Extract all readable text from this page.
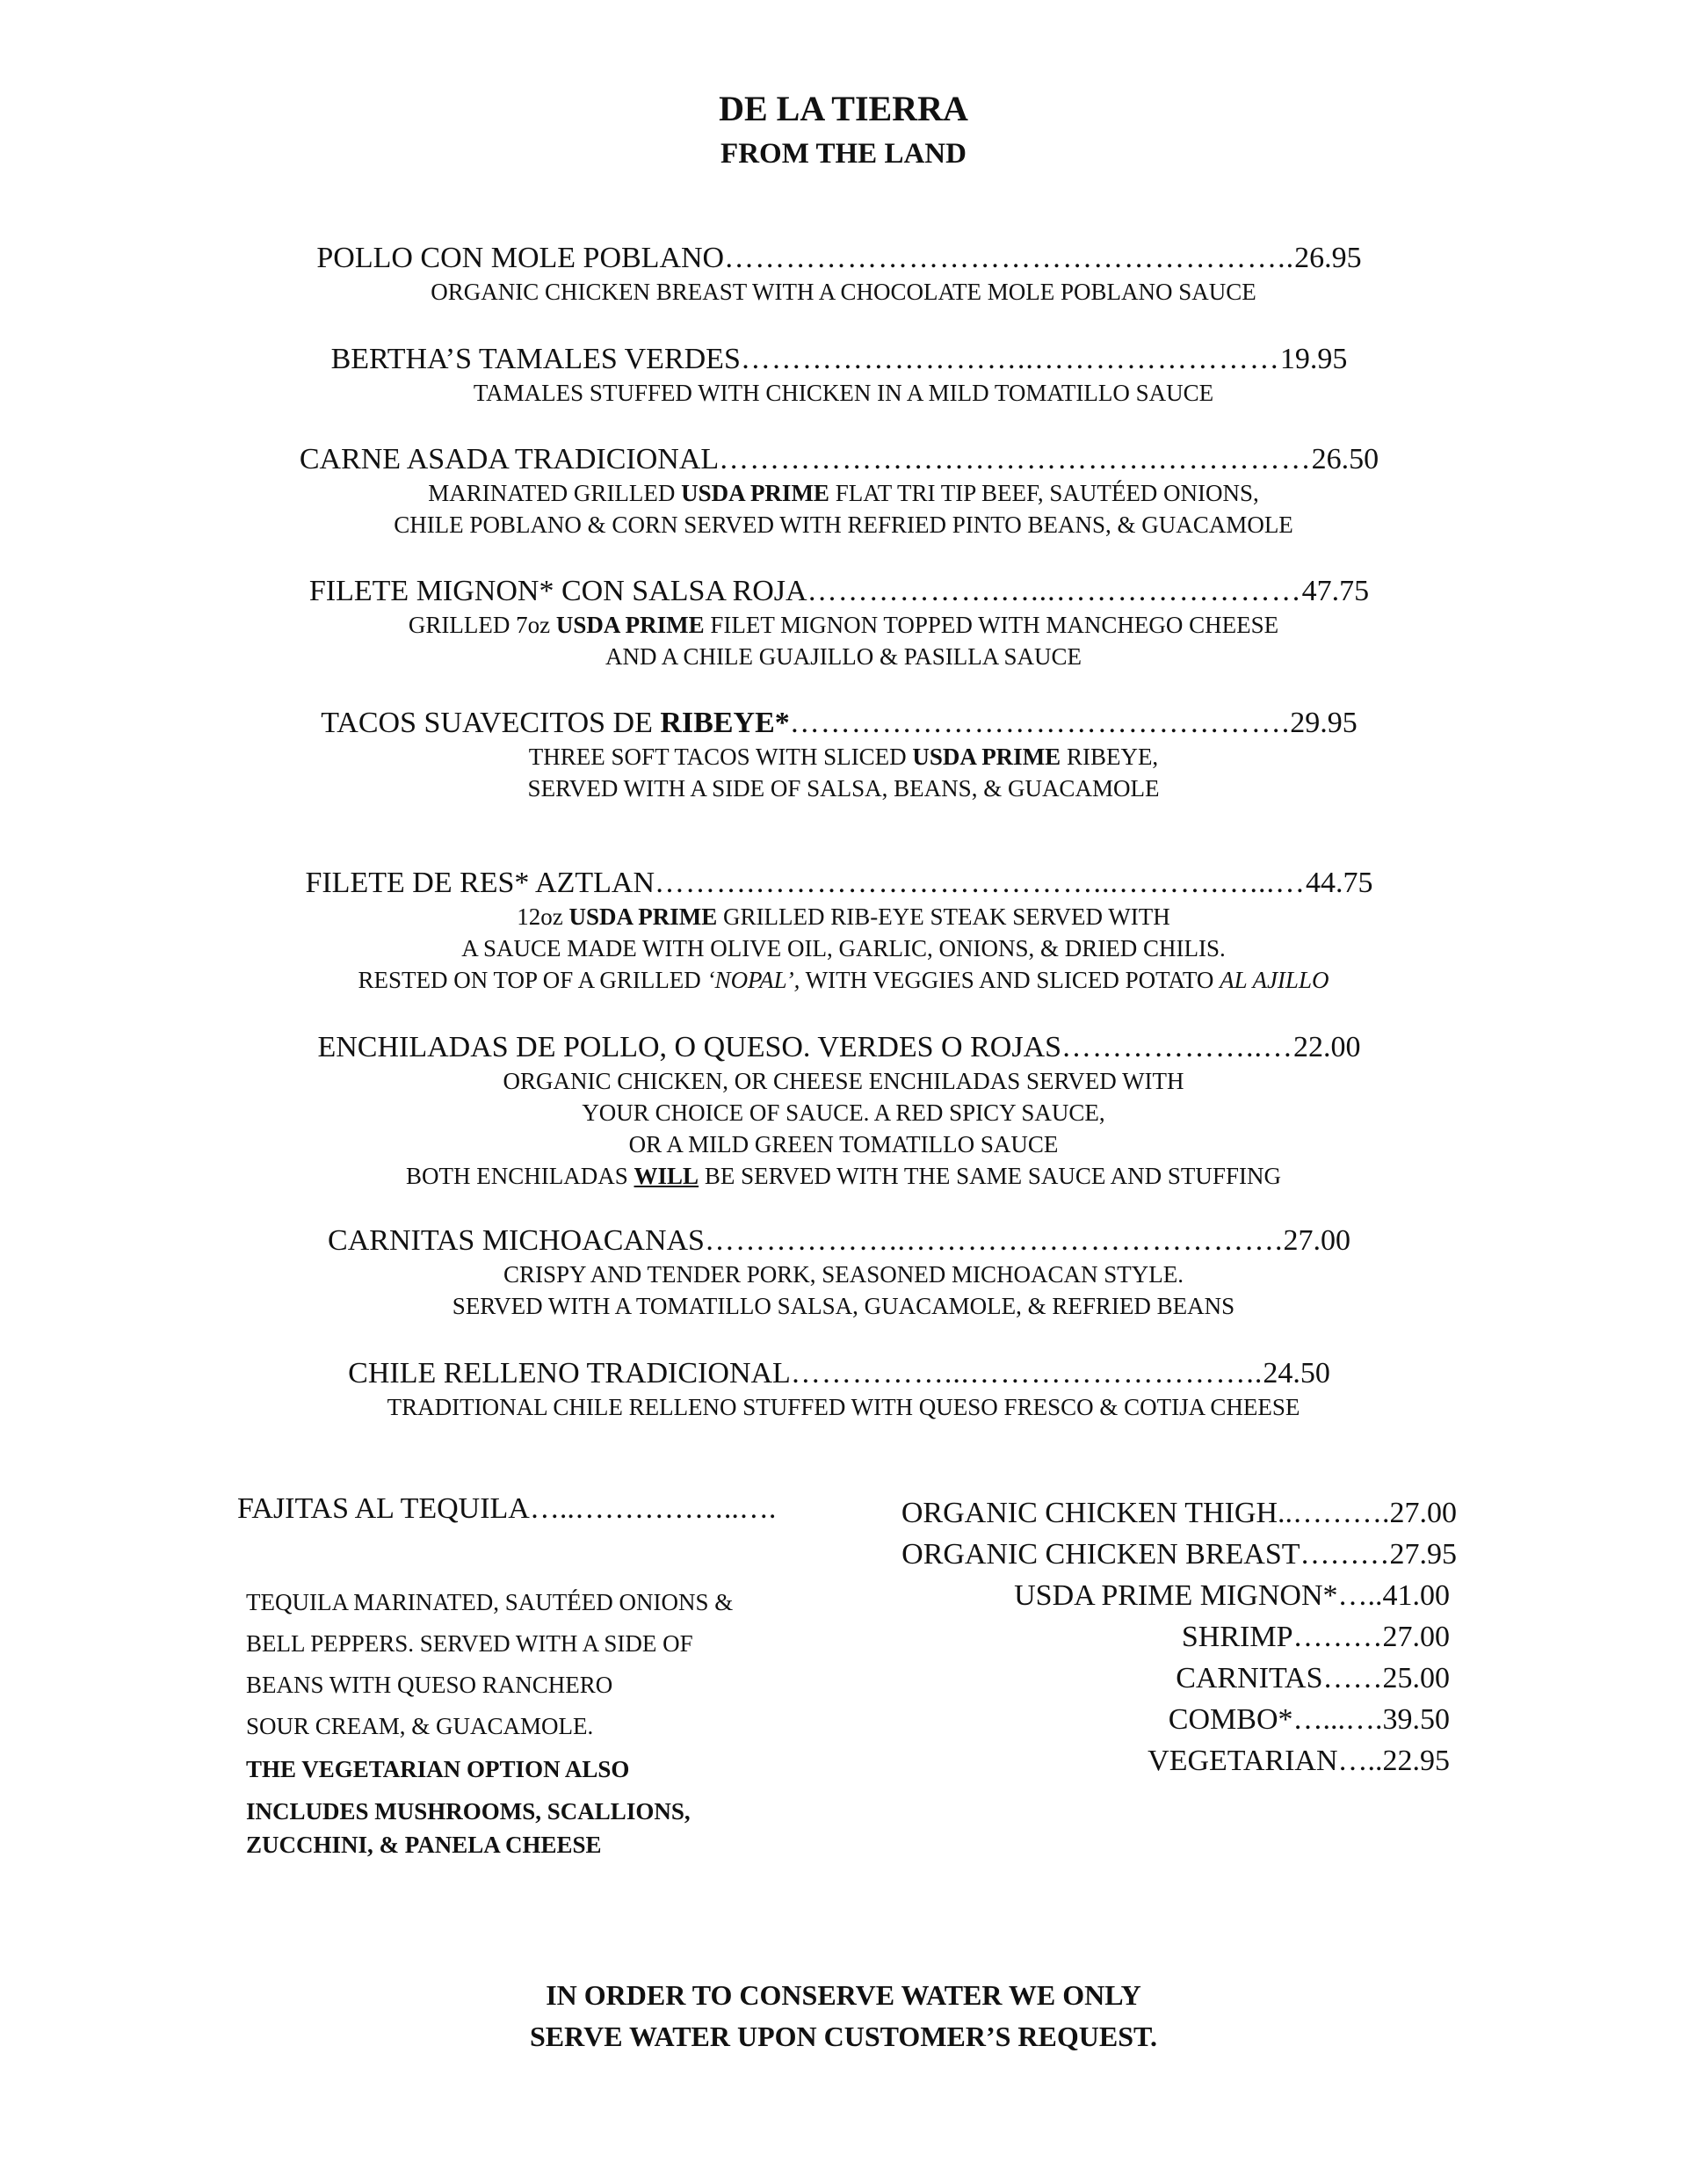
DE LA TIERRA
FROM THE LAND
POLLO CON MOLE POBLANO………………………………………………..26.95
ORGANIC CHICKEN BREAST WITH A CHOCOLATE MOLE POBLANO SAUCE
BERTHA’S TAMALES VERDES………………………..……………………19.95
TAMALES STUFFED WITH CHICKEN IN A MILD TOMATILLO SAUCE
CARNE ASADA TRADICIONAL…………………………………….……………26.50
MARINATED GRILLED USDA PRIME FLAT TRI TIP BEEF, SAUTÉED ONIONS,
CHILE POBLANO & CORN SERVED WITH REFRIED PINTO BEANS, & GUACAMOLE
FILETE MIGNON* CON SALSA ROJA……………….…...……………………47.75
GRILLED 7oz USDA PRIME FILET MIGNON TOPPED WITH MANCHEGO CHEESE
AND A CHILE GUAJILLO & PASILLA SAUCE
TACOS SUAVECITOS DE RIBEYE*………………………………………….29.95
THREE SOFT TACOS WITH SLICED USDA PRIME RIBEYE,
SERVED WITH A SIDE OF SALSA, BEANS, & GUACAMOLE
FILETE DE RES* AZTLAN……….……………………………...……….…...…44.75
12oz USDA PRIME GRILLED RIB-EYE STEAK SERVED WITH
A SAUCE MADE WITH OLIVE OIL, GARLIC, ONIONS, & DRIED CHILIS.
RESTED ON TOP OF A GRILLED ‘NOPAL’, WITH VEGGIES AND SLICED POTATO AL AJILLO
ENCHILADAS DE POLLO, O QUESO. VERDES O ROJAS………………..…22.00
ORGANIC CHICKEN, OR CHEESE ENCHILADAS SERVED WITH
YOUR CHOICE OF SAUCE. A RED SPICY SAUCE,
OR A MILD GREEN TOMATILLO SAUCE
BOTH ENCHILADAS WILL BE SERVED WITH THE SAME SAUCE AND STUFFING
CARNITAS MICHOACANAS………………..……………………………….27.00
CRISPY AND TENDER PORK, SEASONED MICHOACAN STYLE.
SERVED WITH A TOMATILLO SALSA, GUACAMOLE, & REFRIED BEANS
CHILE RELLENO TRADICIONAL……………...………………………..24.50
TRADITIONAL CHILE RELLENO STUFFED WITH QUESO FRESCO & COTIJA CHEESE
FAJITAS AL TEQUILA…..……………..….
TEQUILA MARINATED, SAUTÉED ONIONS &
BELL PEPPERS. SERVED WITH A SIDE OF
BEANS WITH QUESO RANCHERO
SOUR CREAM, & GUACAMOLE.
THE VEGETARIAN OPTION ALSO
INCLUDES MUSHROOMS, SCALLIONS,
ZUCCHINI, & PANELA CHEESE
ORGANIC CHICKEN THIGH..……….27.00
ORGANIC CHICKEN BREAST………27.95
USDA PRIME MIGNON*…..41.00
SHRIMP………27.00
CARNITAS……25.00
COMBO*…...….39.50
VEGETARIAN…..22.95
IN ORDER TO CONSERVE WATER WE ONLY
SERVE WATER UPON CUSTOMER’S REQUEST.
